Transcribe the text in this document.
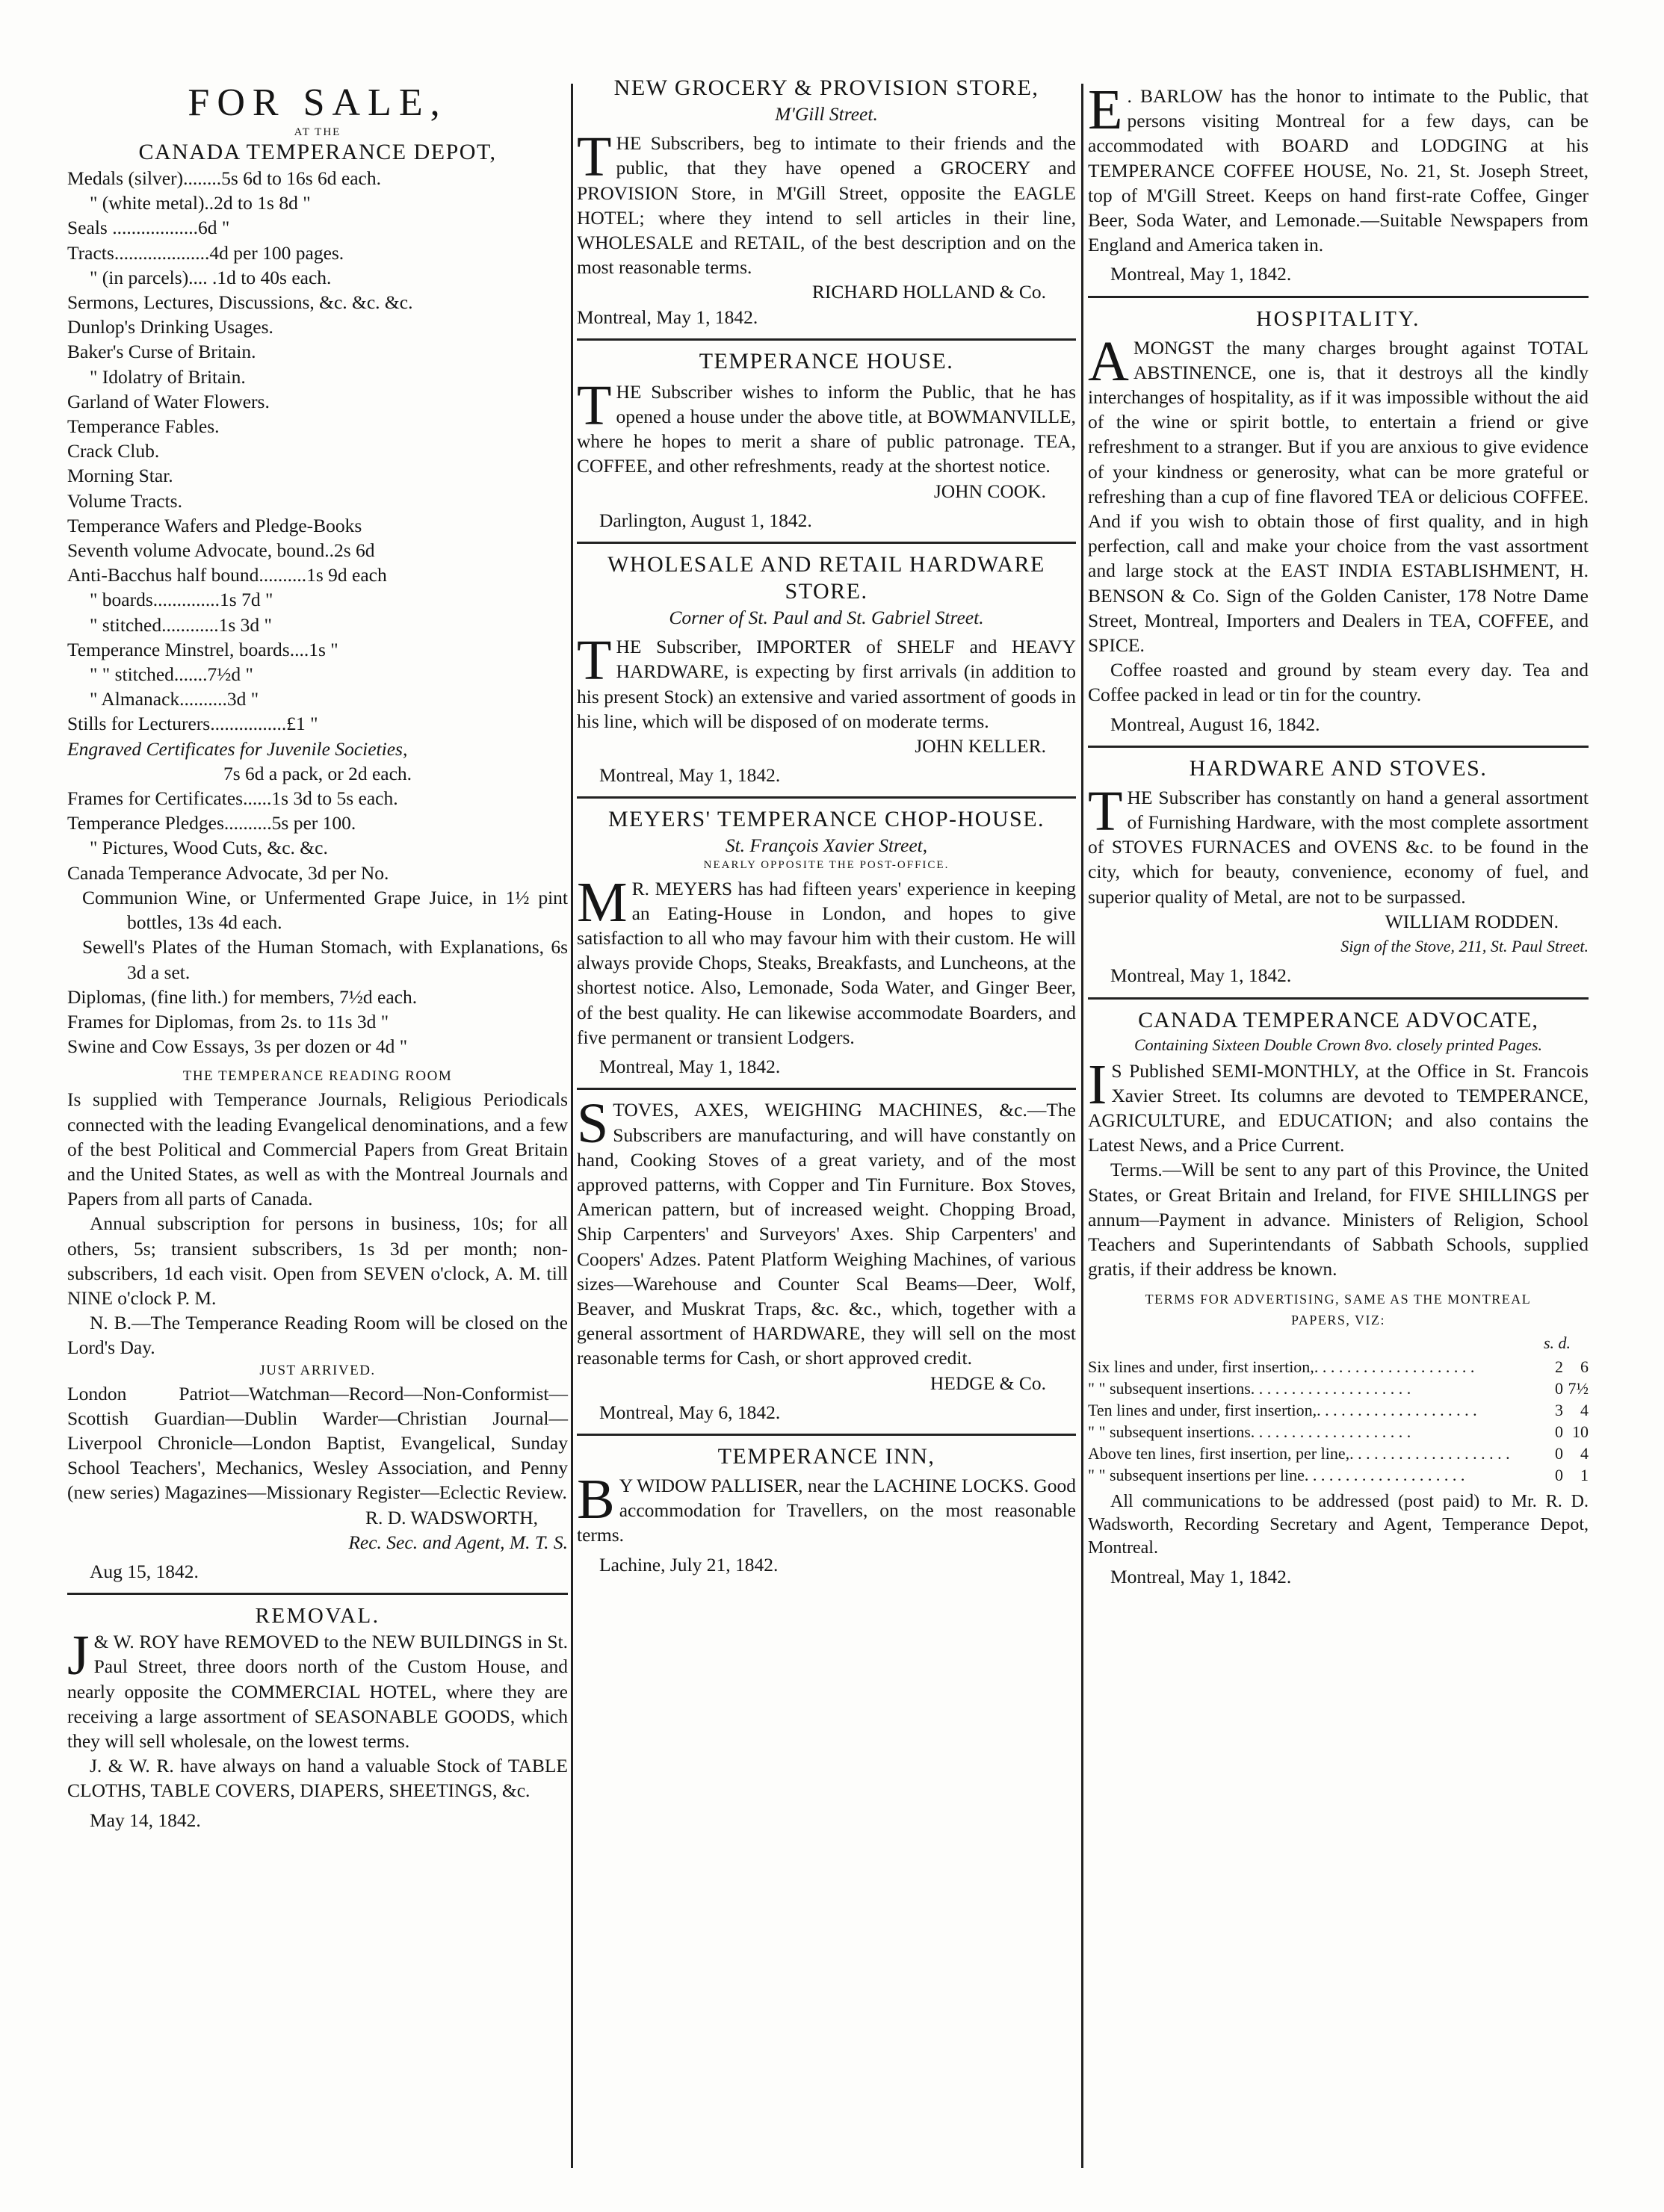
FOR SALE,
AT THE
CANADA TEMPERANCE DEPOT,
Medals (silver)........5s 6d to 16s 6d each.
" (white metal)..2d to 1s 8d "
Seals ..................6d "
Tracts....................4d per 100 pages.
" (in parcels).... .1d to 40s each.
Sermons, Lectures, Discussions, &c. &c. &c.
Dunlop's Drinking Usages.
Baker's Curse of Britain.
" Idolatry of Britain.
Garland of Water Flowers.
Temperance Fables.
Crack Club.
Morning Star.
Volume Tracts.
Temperance Wafers and Pledge-Books
Seventh volume Advocate, bound..2s 6d
Anti-Bacchus half bound..........1s 9d each
" boards..............1s 7d "
" stitched............1s 3d "
Temperance Minstrel, boards....1s "
" " stitched.......7½d "
" Almanack..........3d "
Stills for Lecturers................£1 "
Engraved Certificates for Juvenile Societies,
7s 6d a pack, or 2d each.
Frames for Certificates......1s 3d to 5s each.
Temperance Pledges..........5s per 100.
" Pictures, Wood Cuts, &c. &c.
Canada Temperance Advocate, 3d per No.
Communion Wine, or Unfermented Grape Juice, in 1½ pint bottles, 13s 4d each.
Sewell's Plates of the Human Stomach, with Explanations, 6s 3d a set.
Diplomas, (fine lith.) for members, 7½d each.
Frames for Diplomas, from 2s. to 11s 3d "
Swine and Cow Essays, 3s per dozen or 4d "
THE TEMPERANCE READING ROOM

Is supplied with Temperance Journals, Religious Periodicals connected with the leading Evangelical denominations, and a few of the best Political and Commercial Papers from Great Britain and the United States, as well as with the Montreal Journals and Papers from all parts of Canada.

Annual subscription for persons in business, 10s; for all others, 5s; transient subscribers, 1s 3d per month; non-subscribers, 1d each visit. Open from SEVEN o'clock, A. M. till NINE o'clock P. M.

N. B.—The Temperance Reading Room will be closed on the Lord's Day.

JUST ARRIVED.

London Patriot—Watchman—Record—Non-Conformist—Scottish Guardian—Dublin Warder—Christian Journal—Liverpool Chronicle—London Baptist, Evangelical, Sunday School Teachers', Mechanics, Wesley Association, and Penny (new series) Magazines—Missionary Register—Eclectic Review.

R. D. WADSWORTH,
Rec. Sec. and Agent, M. T. S.
Aug 15, 1842.
REMOVAL.
J & W. ROY have REMOVED to the NEW BUILDINGS in St. Paul Street, three doors north of the Custom House, and nearly opposite the COMMERCIAL HOTEL, where they are receiving a large assortment of SEASONABLE GOODS, which they will sell wholesale, on the lowest terms.

J. & W. R. have always on hand a valuable Stock of TABLE CLOTHS, TABLE COVERS, DIAPERS, SHEETINGS, &c.

May 14, 1842.
NEW GROCERY & PROVISION STORE,
M'Gill Street.
T HE Subscribers, beg to intimate to their friends and the public, that they have opened a GROCERY and PROVISION Store, in M'Gill Street, opposite the EAGLE HOTEL; where they intend to sell articles in their line, WHOLESALE and RETAIL, of the best description and on the most reasonable terms.

RICHARD HOLLAND & Co.
Montreal, May 1, 1842.
TEMPERANCE HOUSE.
T HE Subscriber wishes to inform the Public, that he has opened a house under the above title, at BOWMANVILLE, where he hopes to merit a share of public patronage. TEA, COFFEE, and other refreshments, ready at the shortest notice.

JOHN COOK.
Darlington, August 1, 1842.
WHOLESALE AND RETAIL HARDWARE STORE.
Corner of St. Paul and St. Gabriel Street.
T HE Subscriber, IMPORTER of SHELF and HEAVY HARDWARE, is expecting by first arrivals (in addition to his present Stock) an extensive and varied assortment of goods in his line, which will be disposed of on moderate terms.

JOHN KELLER.
Montreal, May 1, 1842.
MEYERS' TEMPERANCE CHOP-HOUSE.
St. François Xavier Street,
NEARLY OPPOSITE THE POST-OFFICE.
M R. MEYERS has had fifteen years' experience in keeping an Eating-House in London, and hopes to give satisfaction to all who may favour him with their custom. He will always provide Chops, Steaks, Breakfasts, and Luncheons, at the shortest notice. Also, Lemonade, Soda Water, and Ginger Beer, of the best quality. He can likewise accommodate Boarders, and five permanent or transient Lodgers.

Montreal, May 1, 1842.
S TOVES, AXES, WEIGHING MACHINES, &c.—The Subscribers are manufacturing, and will have constantly on hand, Cooking Stoves of a great variety, and of the most approved patterns, with Copper and Tin Furniture. Box Stoves, American pattern, but of increased weight. Chopping Broad, Ship Carpenters' and Surveyors' Axes. Ship Carpenters' and Coopers' Adzes. Patent Platform Weighing Machines, of various sizes—Warehouse and Counter Scal Beams—Deer, Wolf, Beaver, and Muskrat Traps, &c. &c., which, together with a general assortment of HARDWARE, they will sell on the most reasonable terms for Cash, or short approved credit.

HEDGE & Co.
Montreal, May 6, 1842.
TEMPERANCE INN,
B Y WIDOW PALLISER, near the LACHINE LOCKS. Good accommodation for Travellers, on the most reasonable terms.

Lachine, July 21, 1842.
E . BARLOW has the honor to intimate to the Public, that persons visiting Montreal for a few days, can be accommodated with BOARD and LODGING at his TEMPERANCE COFFEE HOUSE, No. 21, St. Joseph Street, top of M'Gill Street. Keeps on hand first-rate Coffee, Ginger Beer, Soda Water, and Lemonade.—Suitable Newspapers from England and America taken in.

Montreal, May 1, 1842.
HOSPITALITY.
A MONGST the many charges brought against TOTAL ABSTINENCE, one is, that it destroys all the kindly interchanges of hospitality, as if it was impossible without the aid of the wine or spirit bottle, to entertain a friend or give refreshment to a stranger. But if you are anxious to give evidence of your kindness or generosity, what can be more grateful or refreshing than a cup of fine flavored TEA or delicious COFFEE. And if you wish to obtain those of first quality, and in high perfection, call and make your choice from the vast assortment and large stock at the EAST INDIA ESTABLISHMENT, H. BENSON & Co. Sign of the Golden Canister, 178 Notre Dame Street, Montreal, Importers and Dealers in TEA, COFFEE, and SPICE.

Coffee roasted and ground by steam every day. Tea and Coffee packed in lead or tin for the country.

Montreal, August 16, 1842.
HARDWARE AND STOVES.
T HE Subscriber has constantly on hand a general assortment of Furnishing Hardware, with the most complete assortment of STOVES FURNACES and OVENS &c. to be found in the city, which for beauty, convenience, economy of fuel, and superior quality of Metal, are not to be surpassed.

WILLIAM RODDEN.
Sign of the Stove, 211, St. Paul Street.
Montreal, May 1, 1842.
CANADA TEMPERANCE ADVOCATE,
Containing Sixteen Double Crown 8vo. closely printed Pages.
I S Published SEMI-MONTHLY, at the Office in St. Francois Xavier Street. Its columns are devoted to TEMPERANCE, AGRICULTURE, and EDUCATION; and also contains the Latest News, and a Price Current.

Terms.—Will be sent to any part of this Province, the United States, or Great Britain and Ireland, for FIVE SHILLINGS per annum—Payment in advance. Ministers of Religion, School Teachers and Superintendants of Sabbath Schools, supplied gratis, if their address be known.

TERMS FOR ADVERTISING, SAME AS THE MONTREAL PAPERS, VIZ:
s. d.
Six lines and under, first insertion, . . . . . . . . . . . . . . . . . . . .	2 6
" " subsequent insertions . . . . . . . . . . . . . . . . . . . .	0 7½
Ten lines and under, first insertion, . . . . . . . . . . . . . . . . . . . .	3 4
" " subsequent insertions . . . . . . . . . . . . . . . . . . . .	0 10
Above ten lines, first insertion, per line, . . . . . . . . . . . . . . . . . . . .	0 4
" " subsequent insertions per line . . . . . . . . . . . . . . . . . . . .	0 1

All communications to be addressed (post paid) to Mr. R. D. Wadsworth, Recording Secretary and Agent, Temperance Depot, Montreal.

Montreal, May 1, 1842.
